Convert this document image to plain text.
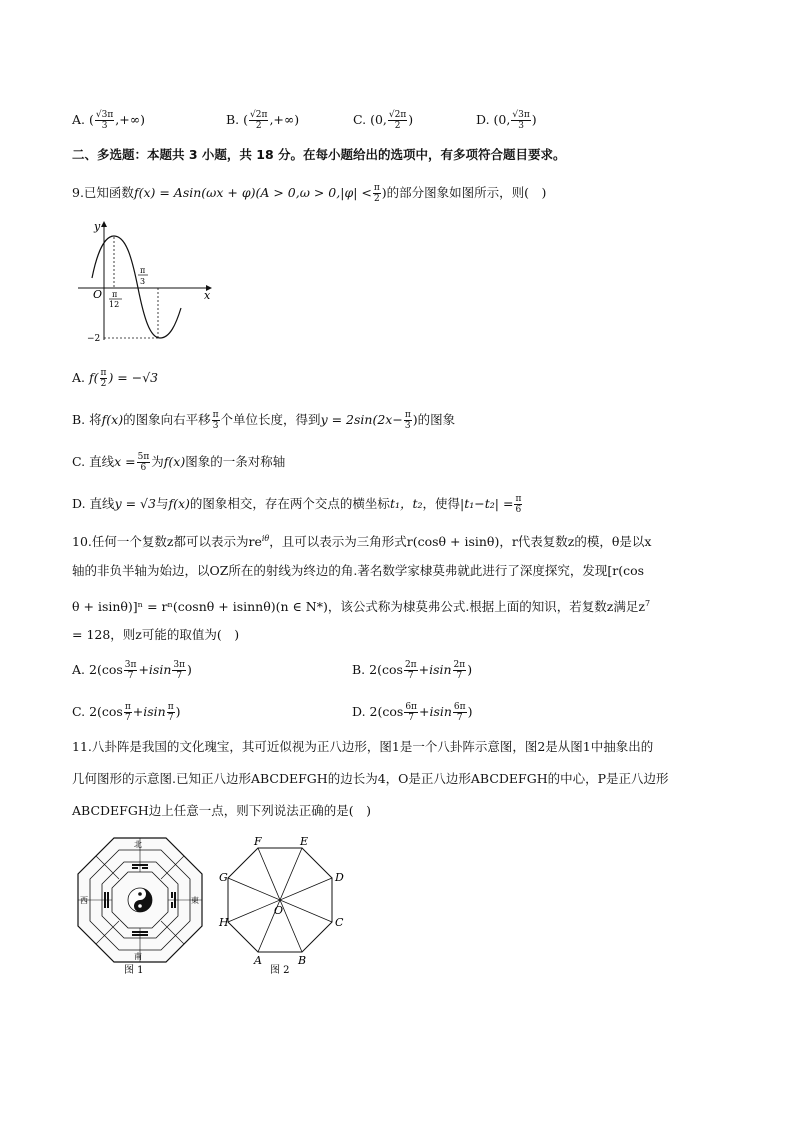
A. ( $\frac{√3\pi}{3}$ ,+∞)	B. ( $\frac{√2\pi}{2}$ ,+∞)	C. (0, $\frac{√2\pi}{2}$ )	D. (0, $\frac{√3\pi}{3}$ )
二、多选题：本题共 3 小题，共 18 分。在每小题给出的选项中，有多项符合题目要求。
9.已知函数$f(x) = Asin(\omega x + \varphi)(A > 0,\omega > 0,|\varphi| < \frac{\pi}{2}$ )的部分图象如图所示，则(　)
y
x
O π
12
π
3
−2
A. $f( \frac{\pi}{2}$ ) = −√3
B. 将f(x)的图象向右平移 $\frac{\pi}{3}$ 个单位长度，得到$y = 2\sin(2x- \frac{\pi}{3}$ )的图象
C. 直线$x = \frac{5\pi}{6}$ 为f(x)图象的一条对称轴
D. 直线y = √3与f(x)的图象相交，存在两个交点的横坐标t₁，t₂，使得$|t_1-t_2| = \frac{\pi}{6}$
10.任何一个复数z都可以表示为$re^{i\theta}$，且可以表示为三角形式r(cosθ + isinθ)，r代表复数z的模，θ是以x
轴的非负半轴为始边，以OZ所在的射线为终边的角.著名数学家棣莫弗就此进行了深度探究，发现[r(cos
θ + isinθ)]ⁿ = rⁿ(cosnθ + isinnθ)(n ∈ N*)，该公式称为棣莫弗公式.根据上面的知识，若复数z满足$z^7$
= 128，则z可能的取值为(　)
A. $2(\cos \frac{3\pi}{7} +isin \frac{3\pi}{7}$ )	B. $2(\cos \frac{2\pi}{7} +isin \frac{2\pi}{7}$ )
C. $2(\cos \frac{\pi}{7} +isin \frac{\pi}{7}$ )	D. $2(\cos \frac{6\pi}{7} +isin \frac{6\pi}{7}$ )
11.八卦阵是我国的文化瑰宝，其可近似视为正八边形，图1是一个八卦阵示意图，图2是从图1中抽象出的
几何图形的示意图.已知正八边形ABCDEFGH的边长为4，O是正八边形ABCDEFGH的中心，P是正八边形
ABCDEFGH边上任意一点，则下列说法正确的是(　)
北
南
東
西
图 1
A	B
C
D
E
F
G
H
O
图 2
